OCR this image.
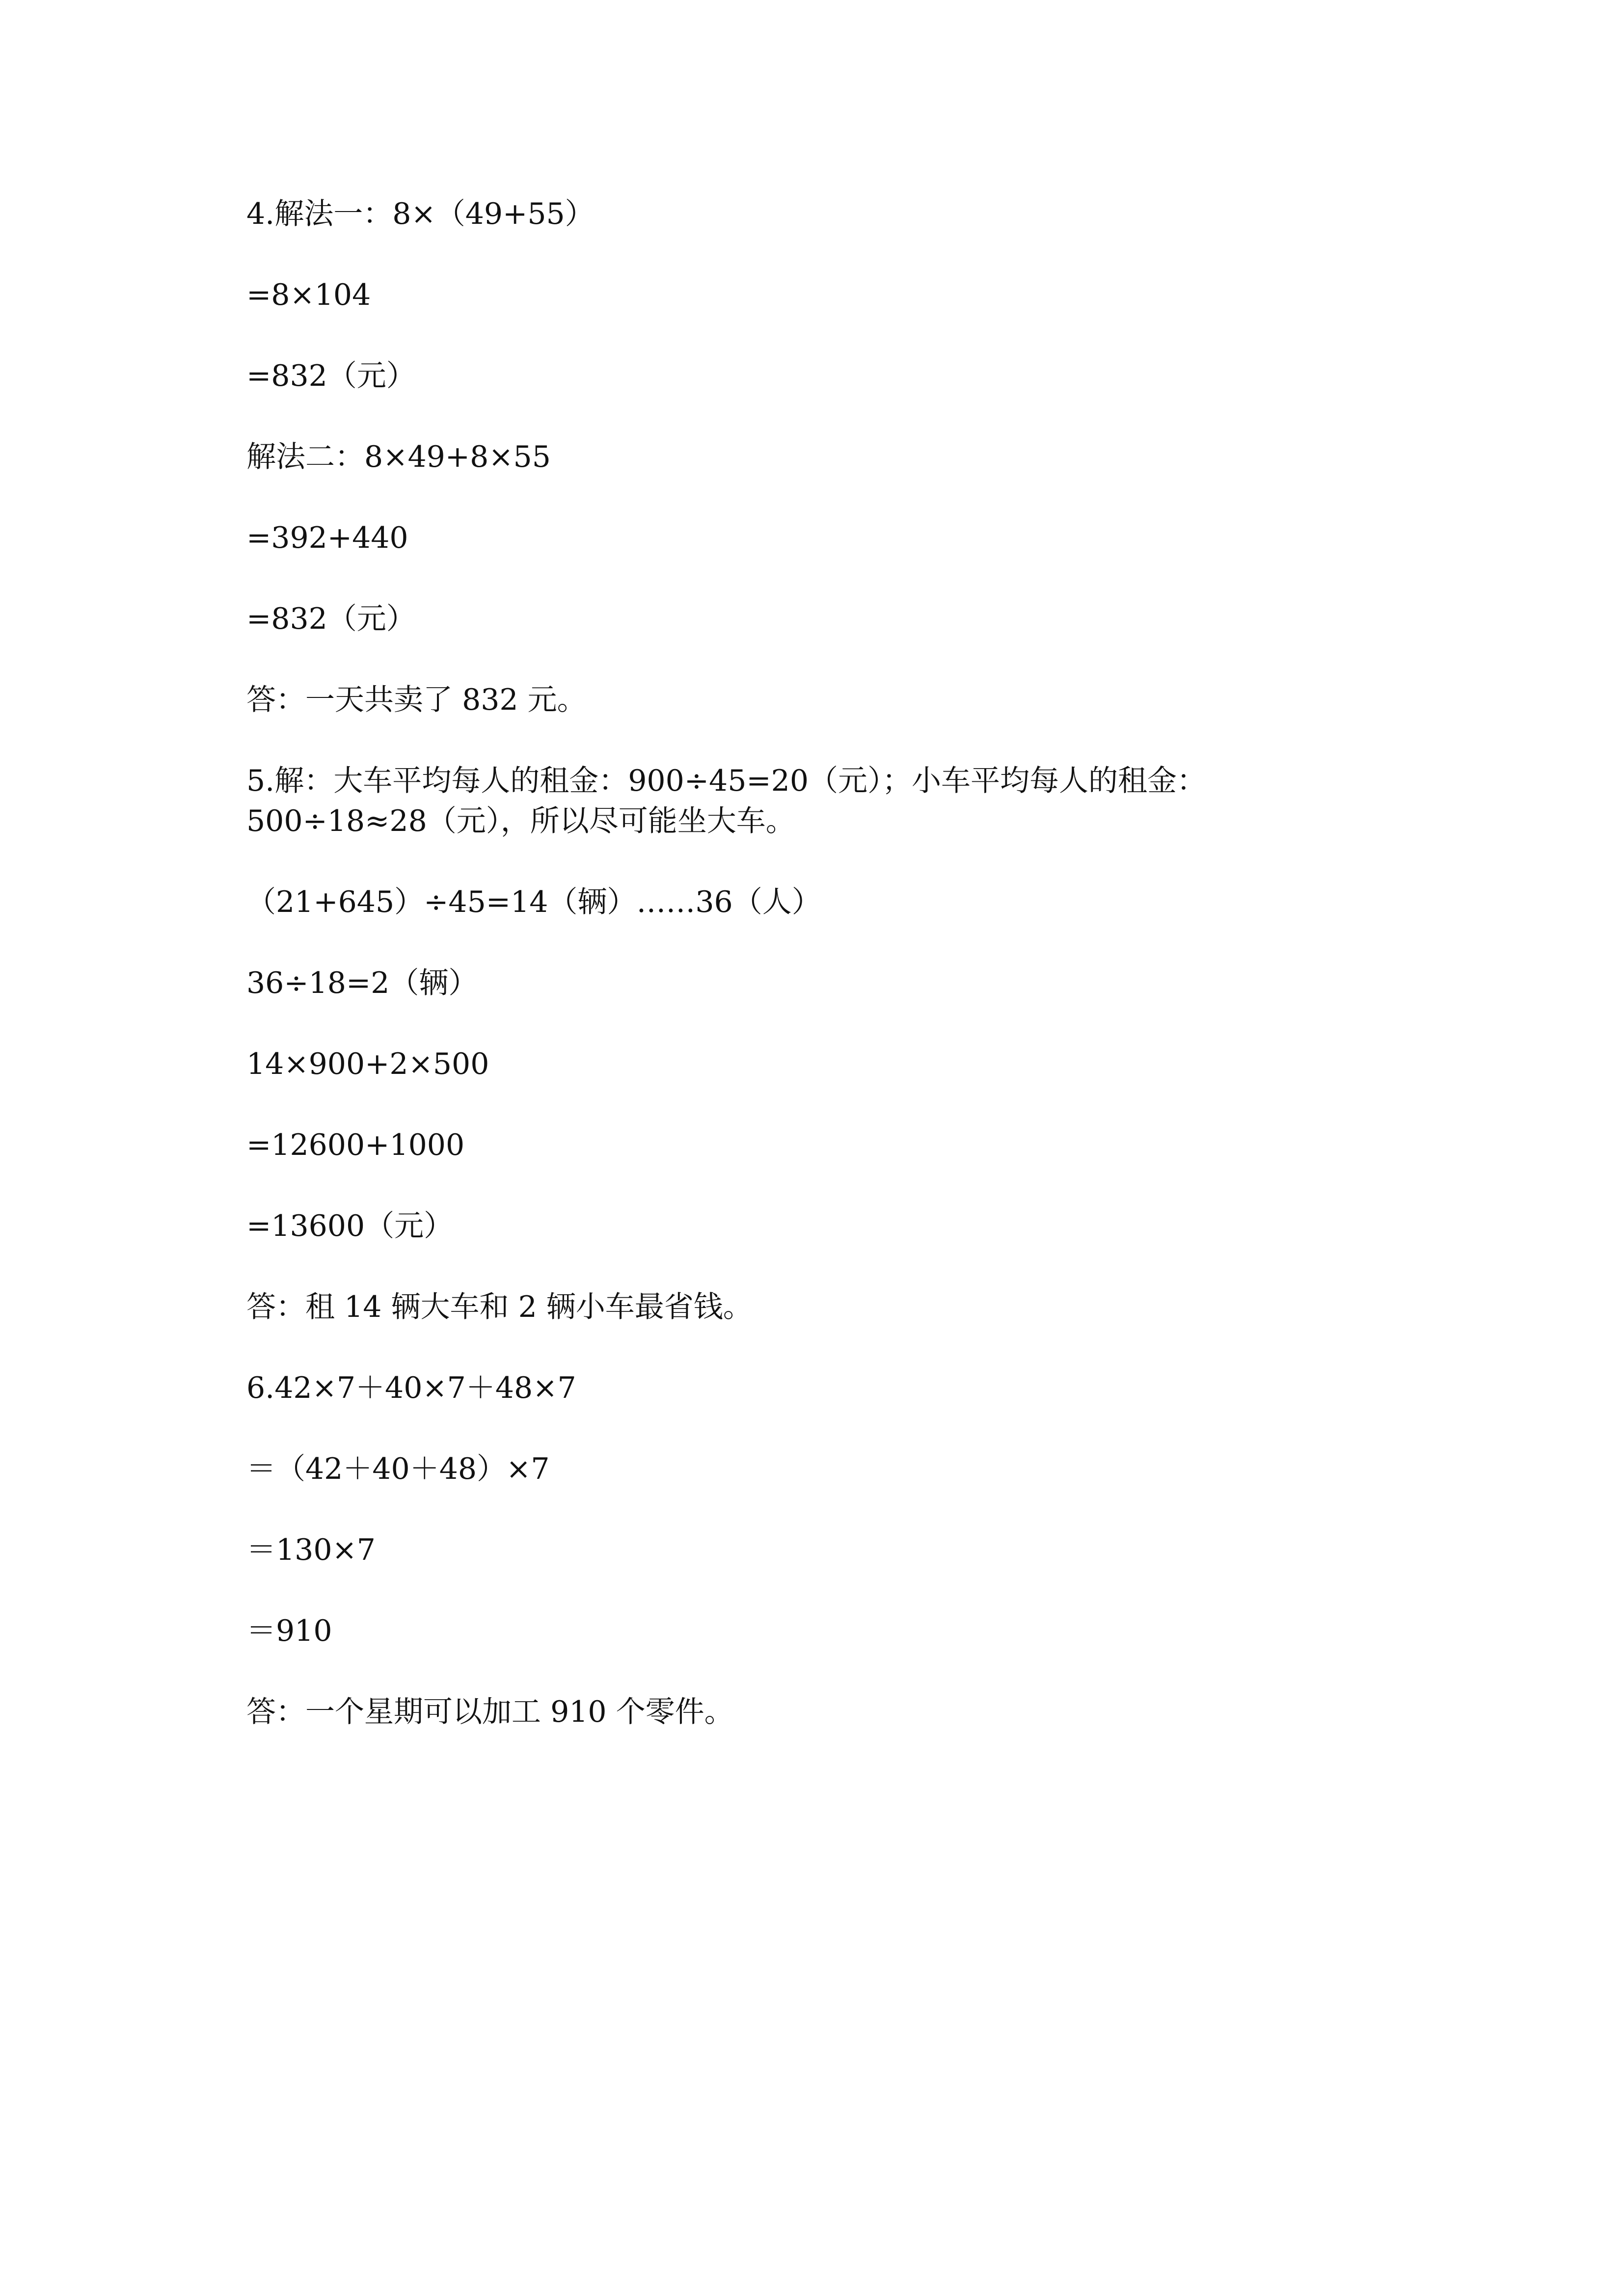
4.解法一：8×（49+55）
=8×104
=832（元）
解法二：8×49+8×55
=392+440
=832（元）
答：一天共卖了 832 元。
5.解：大车平均每人的租金：900÷45=20（元）；小车平均每人的租金：
500÷18≈28（元），所以尽可能坐大车。
（21+645）÷45=14（辆）……36（人）
36÷18=2（辆）
14×900+2×500
=12600+1000
=13600（元）
答：租 14 辆大车和 2 辆小车最省钱。
6.42×7＋40×7＋48×7
＝（42＋40＋48）×7
＝130×7
＝910
答：一个星期可以加工 910 个零件。
